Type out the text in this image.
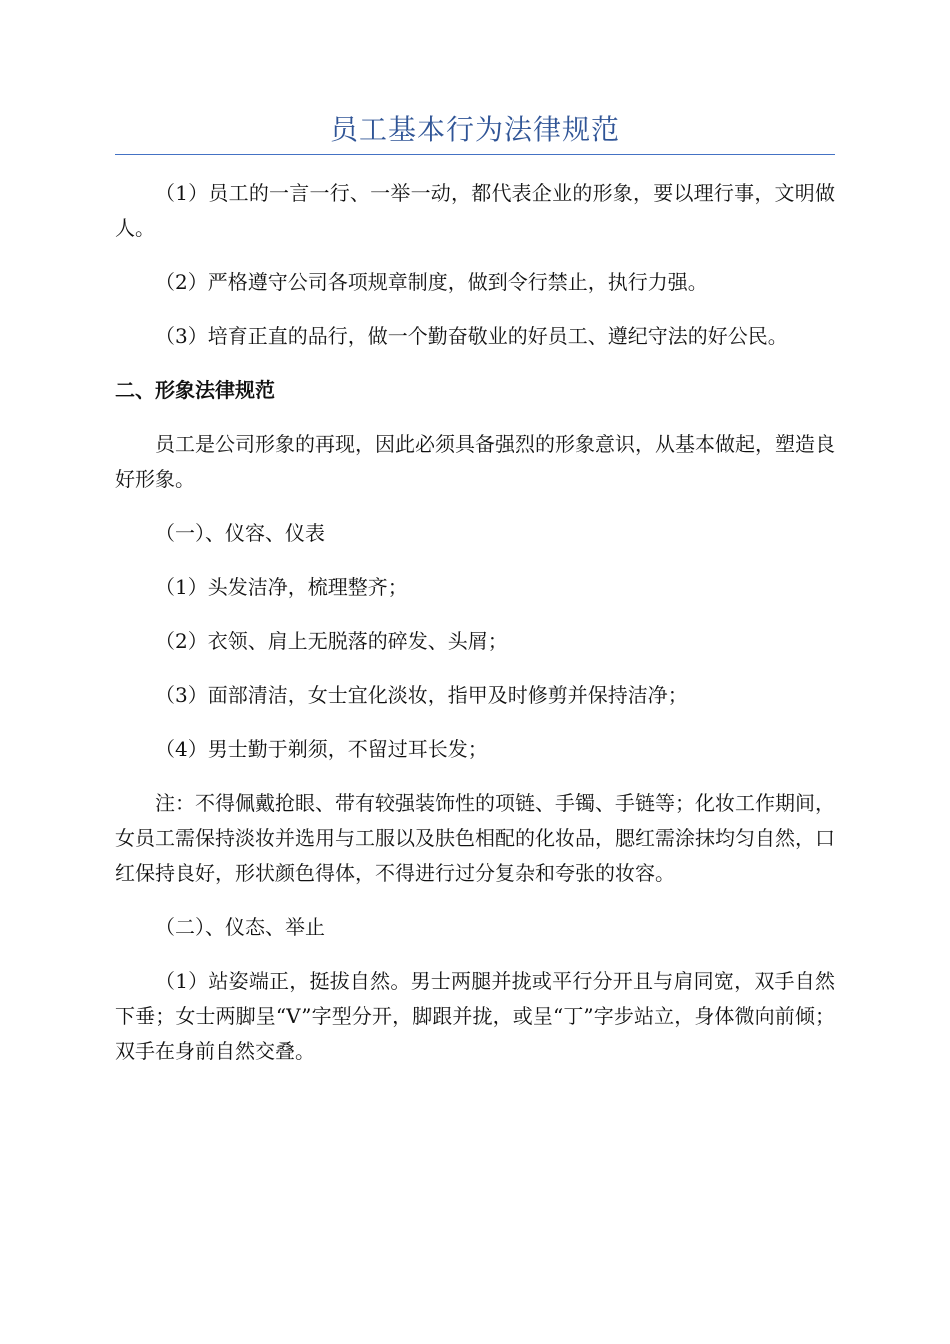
员工基本行为法律规范

（1）员工的一言一行、一举一动，都代表企业的形象，要以理行事，文明做人。

（2）严格遵守公司各项规章制度，做到令行禁止，执行力强。

（3）培育正直的品行，做一个勤奋敬业的好员工、遵纪守法的好公民。

二、形象法律规范

员工是公司形象的再现，因此必须具备强烈的形象意识，从基本做起，塑造良好形象。

（一）、仪容、仪表

（1）头发洁净，梳理整齐；

（2）衣领、肩上无脱落的碎发、头屑；

（3）面部清洁，女士宜化淡妆，指甲及时修剪并保持洁净；

（4）男士勤于剃须，不留过耳长发；

注：不得佩戴抢眼、带有较强装饰性的项链、手镯、手链等；化妆工作期间，女员工需保持淡妆并选用与工服以及肤色相配的化妆品，腮红需涂抹均匀自然，口红保持良好，形状颜色得体，不得进行过分复杂和夸张的妆容。

（二）、仪态、举止

（1）站姿端正，挺拔自然。男士两腿并拢或平行分开且与肩同宽，双手自然下垂；女士两脚呈“V”字型分开，脚跟并拢，或呈“丁”字步站立，身体微向前倾；双手在身前自然交叠。
